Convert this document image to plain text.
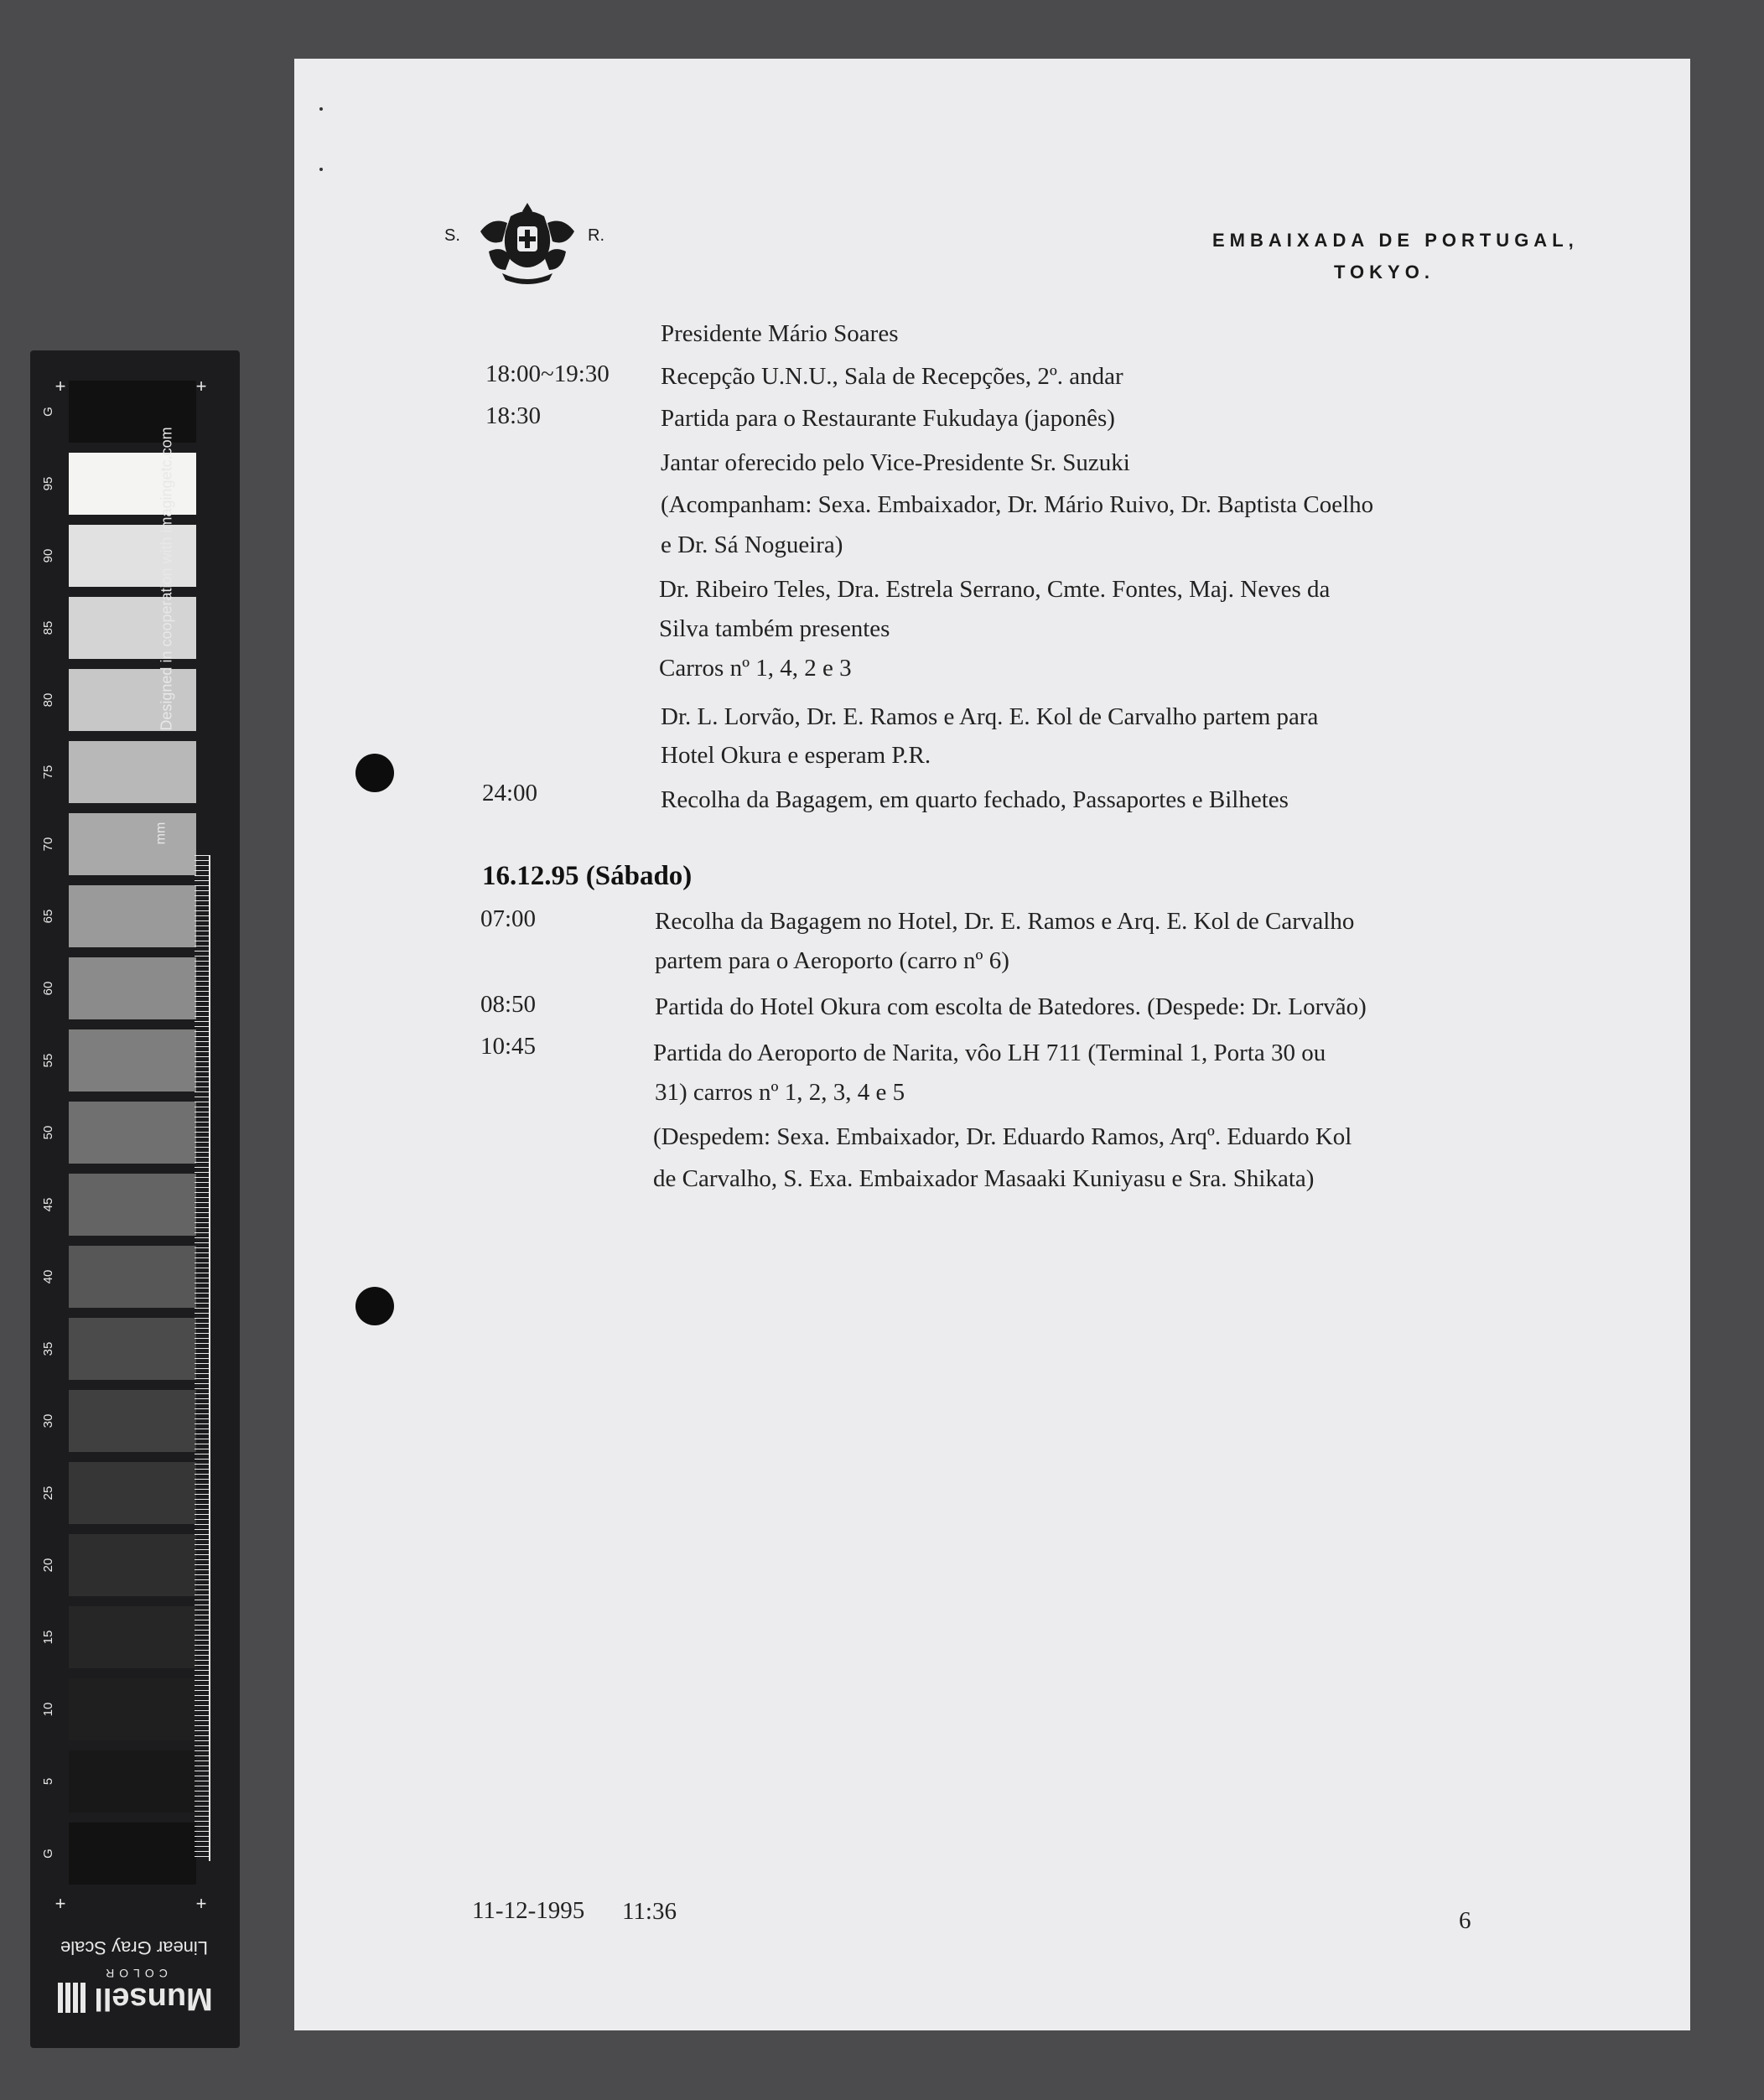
+	+
G
95
90
85
80
75
70
65
60
55
50
45
40
35
30
25
20
15
10
5
G
+	+
Designed in cooperation with imagingetc.com
mm
Linear Gray Scale
Munsell
COLOR
S.	R.	EMBAIXADA DE PORTUGAL,
TOKYO.
Presidente Mário Soares
18:00~19:30 Recepção U.N.U., Sala de Recepções, 2º. andar
18:30	Partida para o Restaurante Fukudaya (japonês)
Jantar oferecido pelo Vice-Presidente Sr. Suzuki
(Acompanham: Sexa. Embaixador, Dr. Mário Ruivo, Dr. Baptista Coelho
e Dr. Sá Nogueira)
Dr. Ribeiro Teles, Dra. Estrela Serrano, Cmte. Fontes, Maj. Neves da
Silva também presentes
Carros nº 1, 4, 2 e 3
Dr. L. Lorvão, Dr. E. Ramos e Arq. E. Kol de Carvalho partem para
Hotel Okura e esperam P.R.
24:00	Recolha da Bagagem, em quarto fechado, Passaportes e Bilhetes
16.12.95 (Sábado)
07:00	Recolha da Bagagem no Hotel, Dr. E. Ramos e Arq. E. Kol de Carvalho
partem para o Aeroporto (carro nº 6)
08:50	Partida do Hotel Okura com escolta de Batedores. (Despede: Dr. Lorvão)
10:45	Partida do Aeroporto de Narita, vôo LH 711 (Terminal 1, Porta 30 ou
31) carros nº 1, 2, 3, 4 e 5
(Despedem: Sexa. Embaixador, Dr. Eduardo Ramos, Arqº. Eduardo Kol
de Carvalho, S. Exa. Embaixador Masaaki Kuniyasu e Sra. Shikata)
11-12-1995 11:36	6
